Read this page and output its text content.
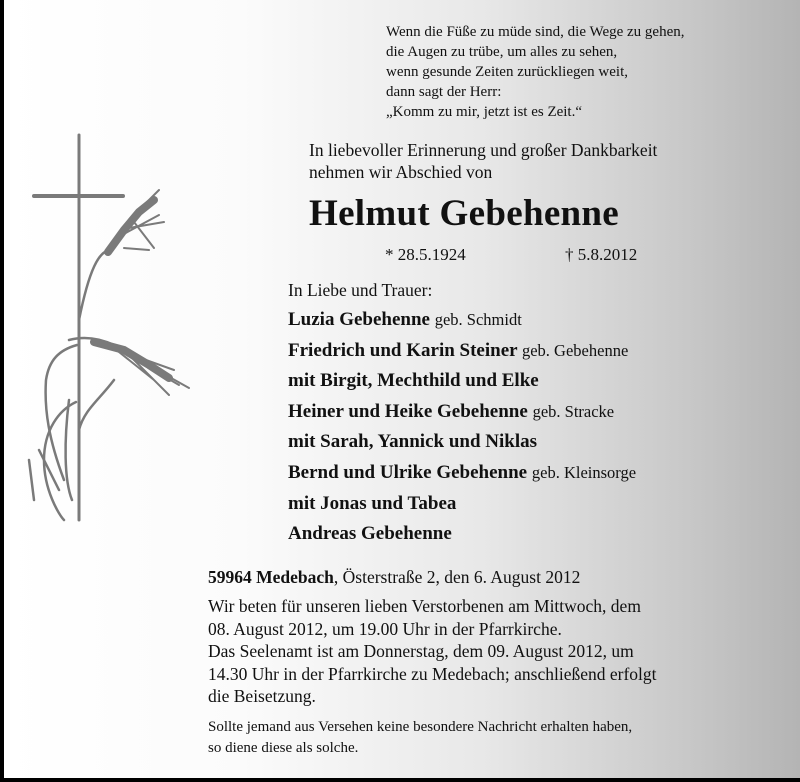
Wenn die Füße zu müde sind, die Wege zu gehen,
die Augen zu trübe, um alles zu sehen,
wenn gesunde Zeiten zurückliegen weit,
dann sagt der Herr:
„Komm zu mir, jetzt ist es Zeit.“
In liebevoller Erinnerung und großer Dankbarkeit
nehmen wir Abschied von
Helmut Gebehenne
* 28.5.1924	† 5.8.2012
In Liebe und Trauer:
Luzia Gebehenne geb. Schmidt
Friedrich und Karin Steiner geb. Gebehenne
mit Birgit, Mechthild und Elke
Heiner und Heike Gebehenne geb. Stracke
mit Sarah, Yannick und Niklas
Bernd und Ulrike Gebehenne geb. Kleinsorge
mit Jonas und Tabea
Andreas Gebehenne
59964 Medebach, Österstraße 2, den 6. August 2012
Wir beten für unseren lieben Verstorbenen am Mittwoch, dem
08. August 2012, um 19.00 Uhr in der Pfarrkirche.
Das Seelenamt ist am Donnerstag, dem 09. August 2012, um
14.30 Uhr in der Pfarrkirche zu Medebach; anschließend erfolgt
die Beisetzung.
Sollte jemand aus Versehen keine besondere Nachricht erhalten haben,
so diene diese als solche.
